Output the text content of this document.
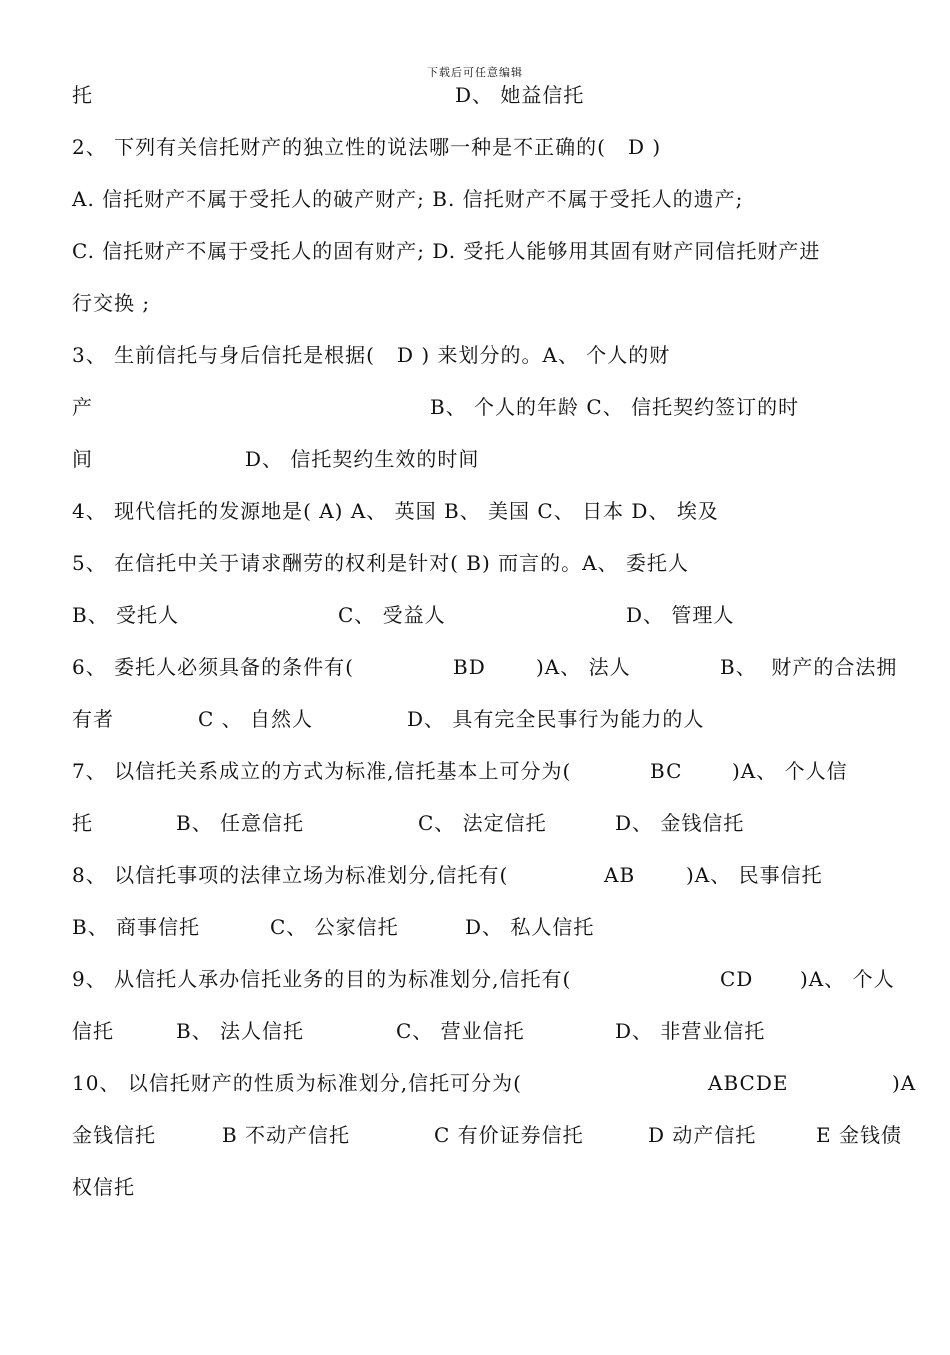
下载后可任意编辑

托

	D、 她益信托

2、 下列有关信托财产的独立性的说法哪一种是不正确的(   D )

A. 信托财产不属于受托人的破产财产; B. 信托财产不属于受托人的遗产;

C. 信托财产不属于受托人的固有财产; D. 受托人能够用其固有财产同信托财产进

行交换 ;

3、 生前信托与身后信托是根据(   D ) 来划分的。A、 个人的财

产

	B、 个人的年龄 C、 信托契约签订的时

间

	D、 信托契约生效的时间

4、 现代信托的发源地是( A) A、 英国 B、 美国 C、 日本 D、 埃及

5、 在信托中关于请求酬劳的权利是针对( B) 而言的。A、 委托人

B、 受托人

	C、 受益人

	D、 管理人

6、 委托人必须具备的条件有(

	BD

	)A、 法人

	B、  财产的合法拥

有者

	C 、 自然人

	D、 具有完全民事行为能力的人

7、 以信托关系成立的方式为标准,信托基本上可分为(

	BC

)A、 个人信

托

	B、 任意信托

	C、 法定信托

	D、 金钱信托

8、 以信托事项的法律立场为标准划分,信托有(

	AB

	)A、 民事信托

B、 商事信托

	C、 公家信托

	D、 私人信托

9、 从信托人承办信托业务的目的为标准划分,信托有(

	CD

)A、 个人

信托

	B、 法人信托

	C、 营业信托

	D、 非营业信托

10、 以信托财产的性质为标准划分,信托可分为(

	ABCDE

	)A

金钱信托

	B 不动产信托

	C 有价证券信托

	D 动产信托

	E 金钱债

权信托
